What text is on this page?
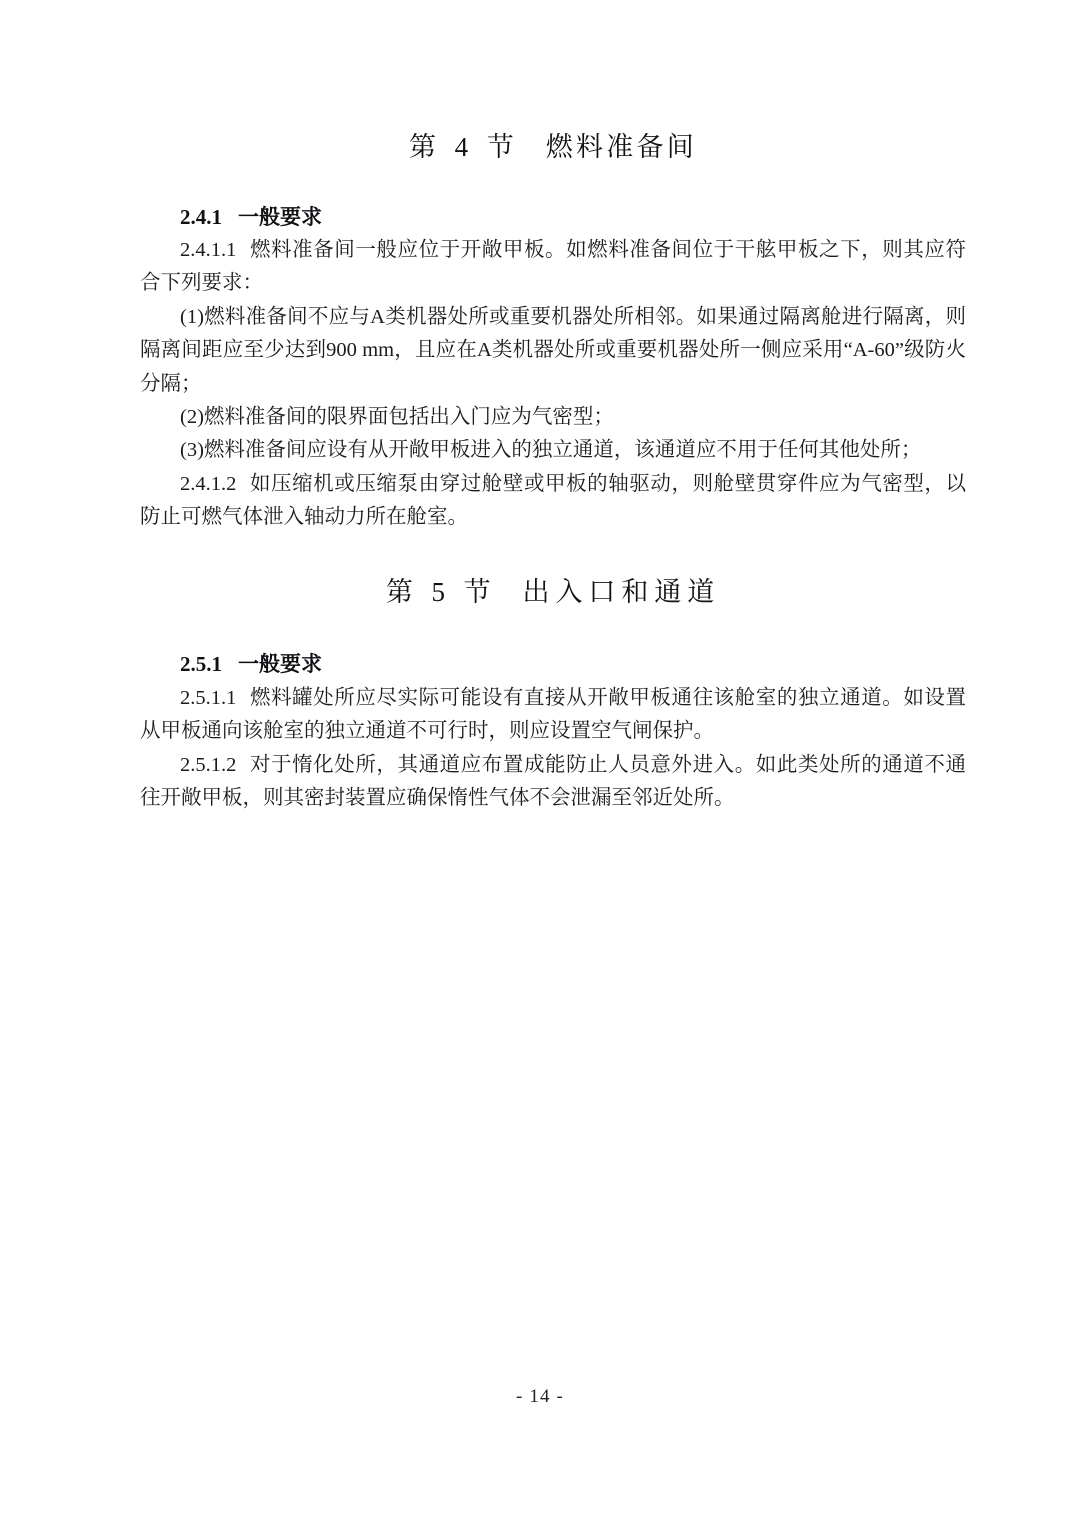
第 4 节 燃料准备间
2.4.1 一般要求

2.4.1.1 燃料准备间一般应位于开敞甲板。如燃料准备间位于干舷甲板之下，则其应符合下列要求：

(1)燃料准备间不应与A类机器处所或重要机器处所相邻。如果通过隔离舱进行隔离，则隔离间距应至少达到900 mm，且应在A类机器处所或重要机器处所一侧应采用“A-60”级防火分隔；

(2)燃料准备间的限界面包括出入门应为气密型；

(3)燃料准备间应设有从开敞甲板进入的独立通道，该通道应不用于任何其他处所；

2.4.1.2 如压缩机或压缩泵由穿过舱壁或甲板的轴驱动，则舱壁贯穿件应为气密型，以防止可燃气体泄入轴动力所在舱室。

第 5 节 出入口和通道
2.5.1 一般要求

2.5.1.1 燃料罐处所应尽实际可能设有直接从开敞甲板通往该舱室的独立通道。如设置从甲板通向该舱室的独立通道不可行时，则应设置空气闸保护。

2.5.1.2 对于惰化处所，其通道应布置成能防止人员意外进入。如此类处所的通道不通往开敞甲板，则其密封装置应确保惰性气体不会泄漏至邻近处所。

- 14 -
